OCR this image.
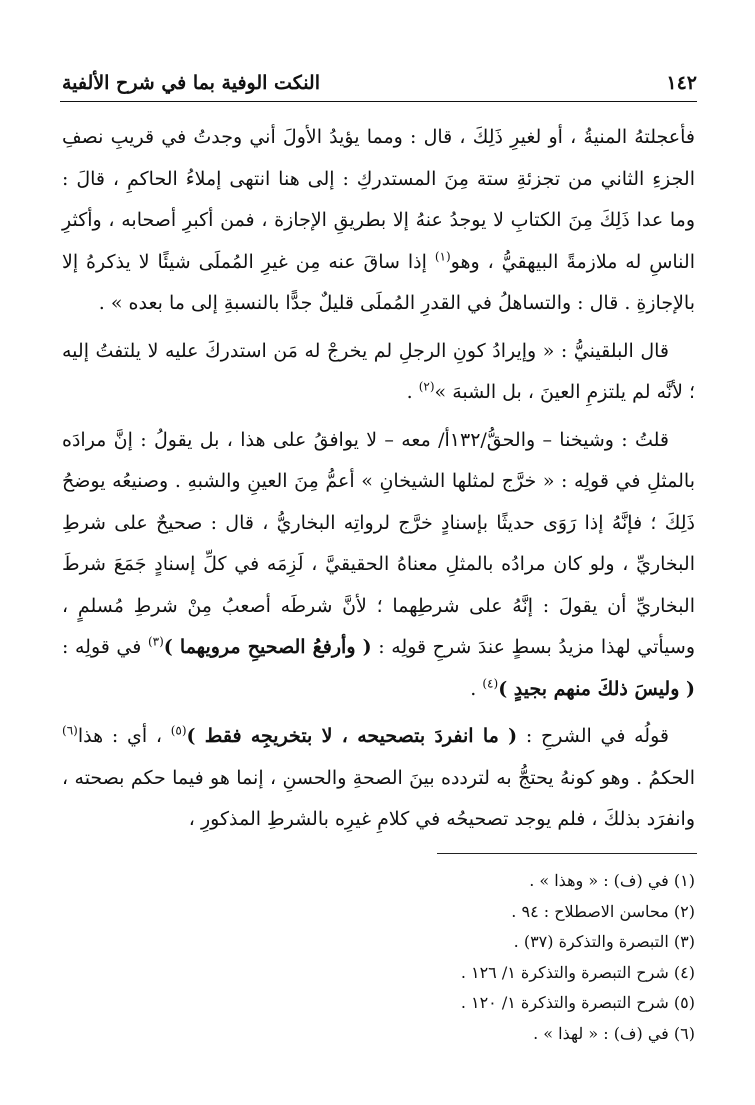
١٤٢
النكت الوفية بما في شرح الألفية

فأعجلتهُ المنيةُ ، أو لغيرِ ذَلِكَ ، قال : ومما يؤيدُ الأولَ أني وجدتُ في قريبِ نصفِ الجزءِ الثاني من تجزئةِ ستة مِنَ المستدركِ : إلى هنا انتهى إملاءُ الحاكمِ ، قالَ : وما عدا ذَلِكَ مِنَ الكتابِ لا يوجدُ عنهُ إلا بطريقِ الإجازة ، فمن أكبرِ أصحابه ، وأكثرِ الناسِ له ملازمةً البيهقيُّ ، وهو$^{(١)}$ إذا ساقَ عنه مِن غيرِ المُملَى شيئًا لا يذكرهُ إلا بالإجازةِ . قال : والتساهلُ في القدرِ المُملَى قليلٌ جدًّا بالنسبةِ إلى ما بعده » .

قال البلقينيُّ : « وإيرادُ كونِ الرجلِ لم يخرجْ له مَن استدركَ عليه لا يلتفتُ إليه ؛ لأنَّه لم يلتزمِ العينَ ، بل الشبهَ »$^{(٢)}$ .

قلتُ : وشيخنا – والحقُّ/١٣٢أ/ معه – لا يوافقُ على هذا ، بل يقولُ : إنَّ مرادَه بالمثلِ في قولِه : « خرَّج لمثلها الشيخانِ » أعمُّ مِنَ العينِ والشبهِ . وصنيعُه يوضحُ ذَلِكَ ؛ فإنَّهُ إذا رَوَى حديثًا بإسنادٍ خرَّج لرواتِه البخاريُّ ، قال : صحيحٌ على شرطِ البخاريِّ ، ولو كان مرادُه بالمثلِ معناهُ الحقيقيَّ ، لَزِمَه في كلِّ إسنادٍ جَمَعَ شرطَ البخاريِّ أن يقولَ : إنَّهُ على شرطِهما ؛ لأنَّ شرطَه أصعبُ مِنْ شرطِ مُسلمٍ ، وسيأتي لهذا مزيدُ بسطٍ عندَ شرحِ قولِه : ( وأرفعُ الصحيحِ مرويهما )$^{(٣)}$ في قولِه : ( وليسَ ذلكَ منهم بجيدٍ )$^{(٤)}$ .

قولُه في الشرحِ : ( ما انفردَ بتصحيحه ، لا بتخريجِه فقط )$^{(٥)}$ ، أي : هذا$^{(٦)}$ الحكمُ . وهو كونهُ يحتجُّ به لتردده بينَ الصحةِ والحسنِ ، إنما هو فيما حكم بصحته ، وانفرَد بذلكَ ، فلم يوجد تصحيحُه في كلامِ غيرِه بالشرطِ المذكورِ ،

(١) في (ف) : « وهذا » .
(٢) محاسن الاصطلاح : ٩٤ .
(٣) التبصرة والتذكرة (٣٧) .
(٤) شرح التبصرة والتذكرة ١/ ١٢٦ .
(٥) شرح التبصرة والتذكرة ١/ ١٢٠ .
(٦) في (ف) : « لهذا » .
